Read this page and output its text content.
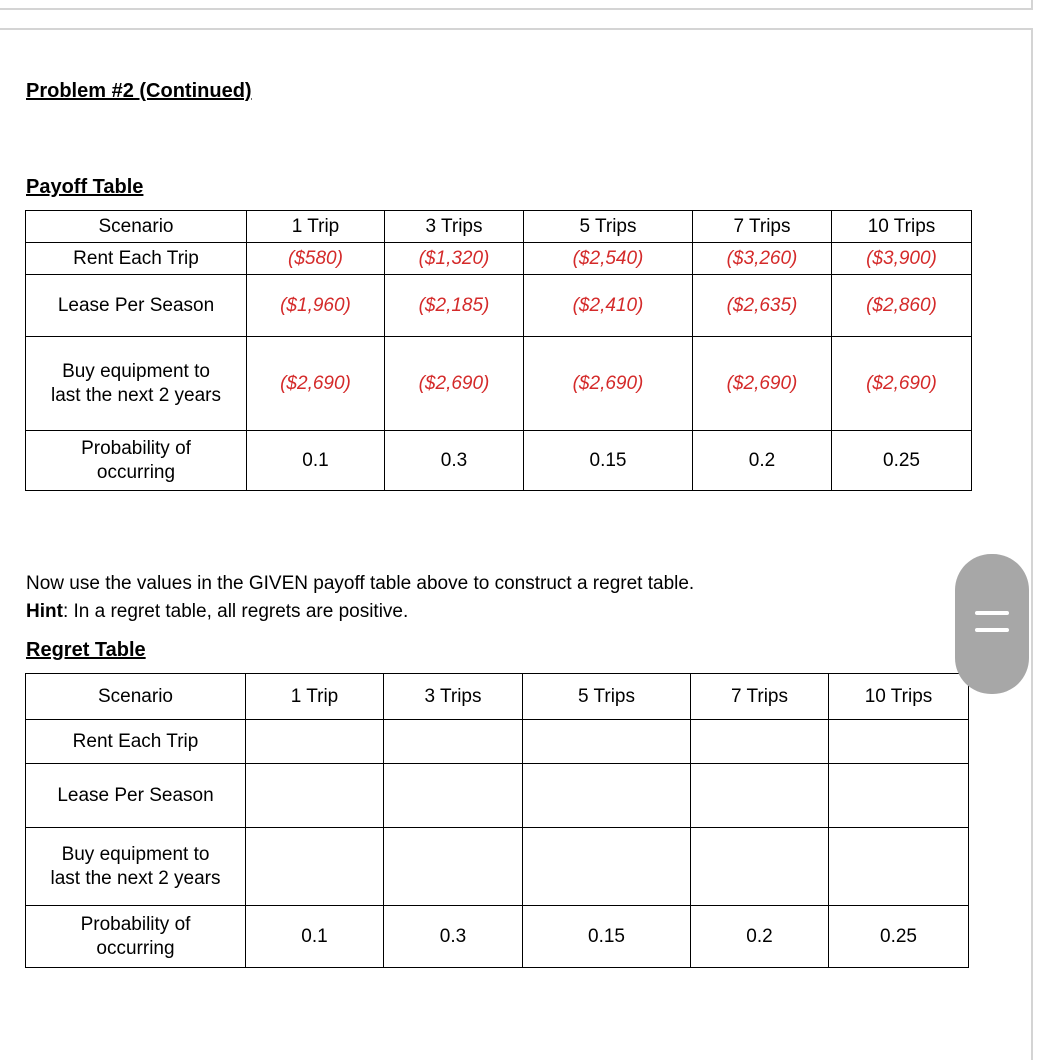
Problem #2 (Continued)
Payoff Table
Scenario	1 Trip	3 Trips	5 Trips	7 Trips	10 Trips
Rent Each Trip	($580)	($1,320)	($2,540)	($3,260)	($3,900)
Lease Per Season	($1,960)	($2,185)	($2,410)	($2,635)	($2,860)
Buy equipment to
last the next 2 years	($2,690)	($2,690)	($2,690)	($2,690)	($2,690)
Probability of
occurring	0.1	0.3	0.15	0.2	0.25
Now use the values in the GIVEN payoff table above to construct a regret table.
Hint: In a regret table, all regrets are positive.
Regret Table
Scenario	1 Trip	3 Trips	5 Trips	7 Trips	10 Trips
Rent Each Trip					
Lease Per Season					
Buy equipment to
last the next 2 years					
Probability of
occurring	0.1	0.3	0.15	0.2	0.25
